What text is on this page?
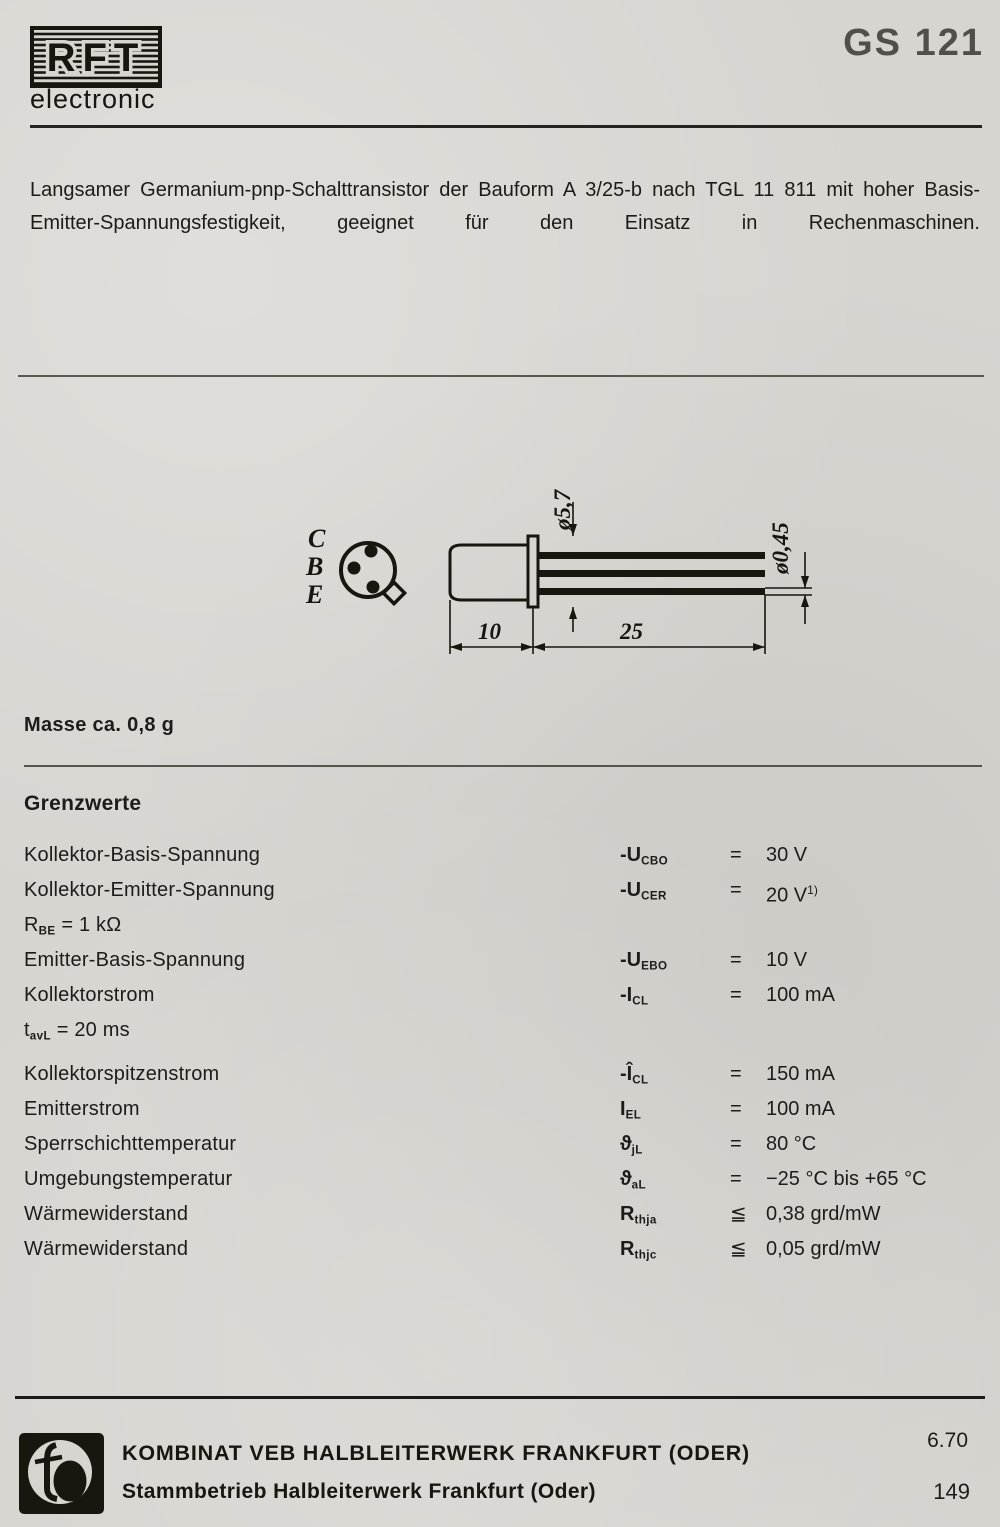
RFT
electronic
GS 121

Langsamer Germanium-pnp-Schalttransistor der Bauform A 3/25-b nach TGL 11 811 mit hoher Basis-Emitter-Spannungsfestigkeit, geeignet für den Einsatz in Rechenmaschinen.

C
B
E
ø5,7
ø0,45
10	25
Masse ca. 0,8 g
Grenzwerte
Kollektor-Basis-Spannung	$-U_{CBO}$	=	30 V
Kollektor-Emitter-Spannung	$-U_{CER}$	=	20 $V^{1)}$
$R_{BE} = 1$ kΩ
Emitter-Basis-Spannung	$-U_{EBO}$	=	10 V
Kollektorstrom	$-I_{CL}$	=	100 mA
$t_{avL} = 20$ ms
Kollektorspitzenstrom	$-Î_{CL}$	=	150 mA
Emitterstrom	$I_{EL}$	=	100 mA
Sperrschichttemperatur	$ϑ_{jL}$	=	80 °C
Umgebungstemperatur	$ϑ_{aL}$	=	−25 °C bis +65 °C
Wärmewiderstand	$R_{thja}$	≦ 0,38 grd/mW
Wärmewiderstand	$R_{thjc}$	≦ 0,05 grd/mW
KOMBINAT VEB HALBLEITERWERK FRANKFURT (ODER)
Stammbetrieb Halbleiterwerk Frankfurt (Oder)
6.70
149
